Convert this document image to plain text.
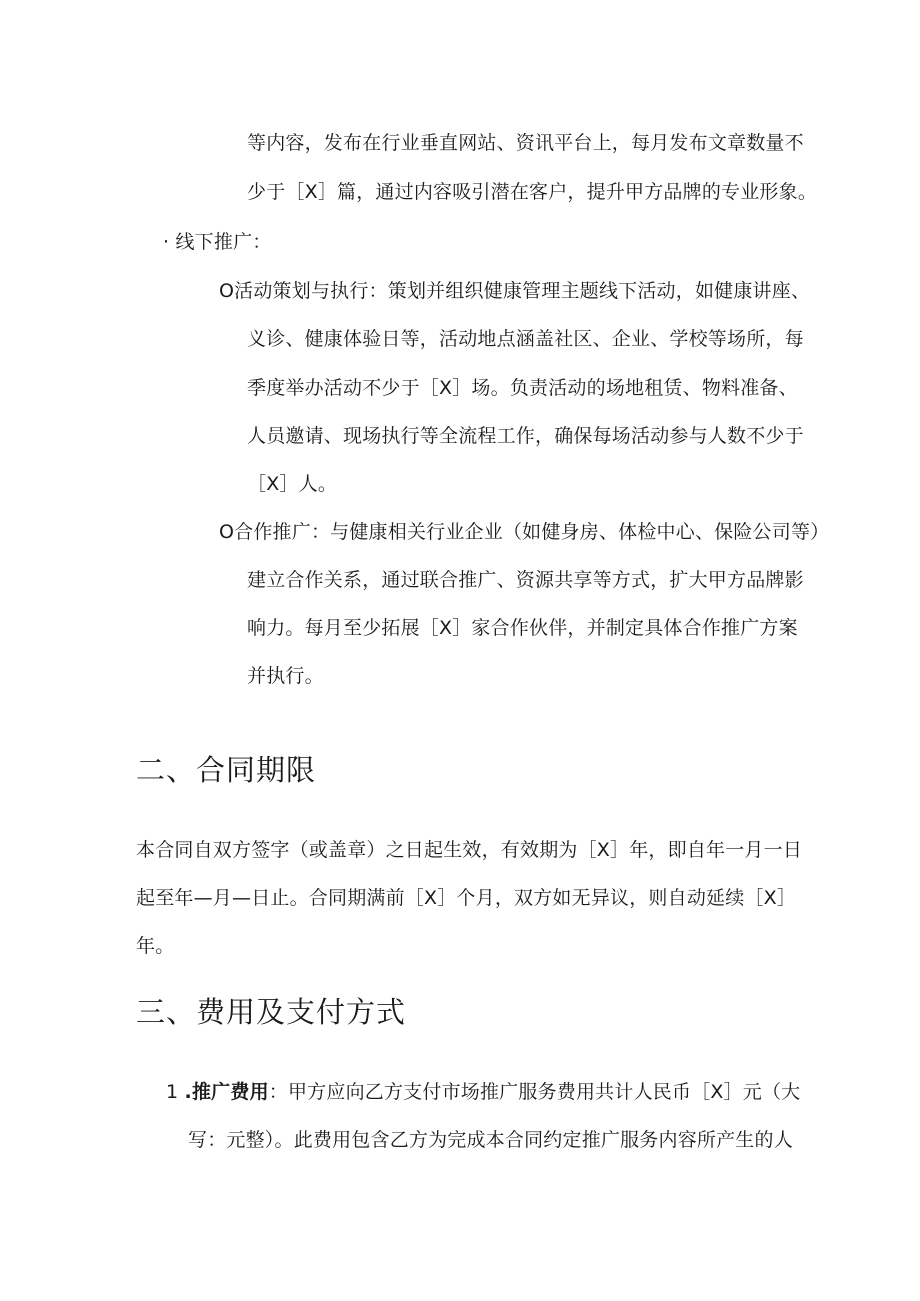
等内容，发布在行业垂直网站、资讯平台上，每月发布文章数量不
少于［X］篇，通过内容吸引潜在客户，提升甲方品牌的专业形象。
· 线下推广：
O活动策划与执行：策划并组织健康管理主题线下活动，如健康讲座、
义诊、健康体验日等，活动地点涵盖社区、企业、学校等场所，每
季度举办活动不少于［X］场。负责活动的场地租赁、物料准备、
人员邀请、现场执行等全流程工作，确保每场活动参与人数不少于
［X］人。
O合作推广：与健康相关行业企业（如健身房、体检中心、保险公司等）
建立合作关系，通过联合推广、资源共享等方式，扩大甲方品牌影
响力。每月至少拓展［X］家合作伙伴，并制定具体合作推广方案
并执行。
二、合同期限
本合同自双方签字（或盖章）之日起生效，有效期为［X］年，即自年一月一日
起至年—月—日止。合同期满前［X］个月，双方如无异议，则自动延续［X］
年。
三、费用及支付方式
1 .推广费用：甲方应向乙方支付市场推广服务费用共计人民币［X］元（大
写：元整）。此费用包含乙方为完成本合同约定推广服务内容所产生的人
